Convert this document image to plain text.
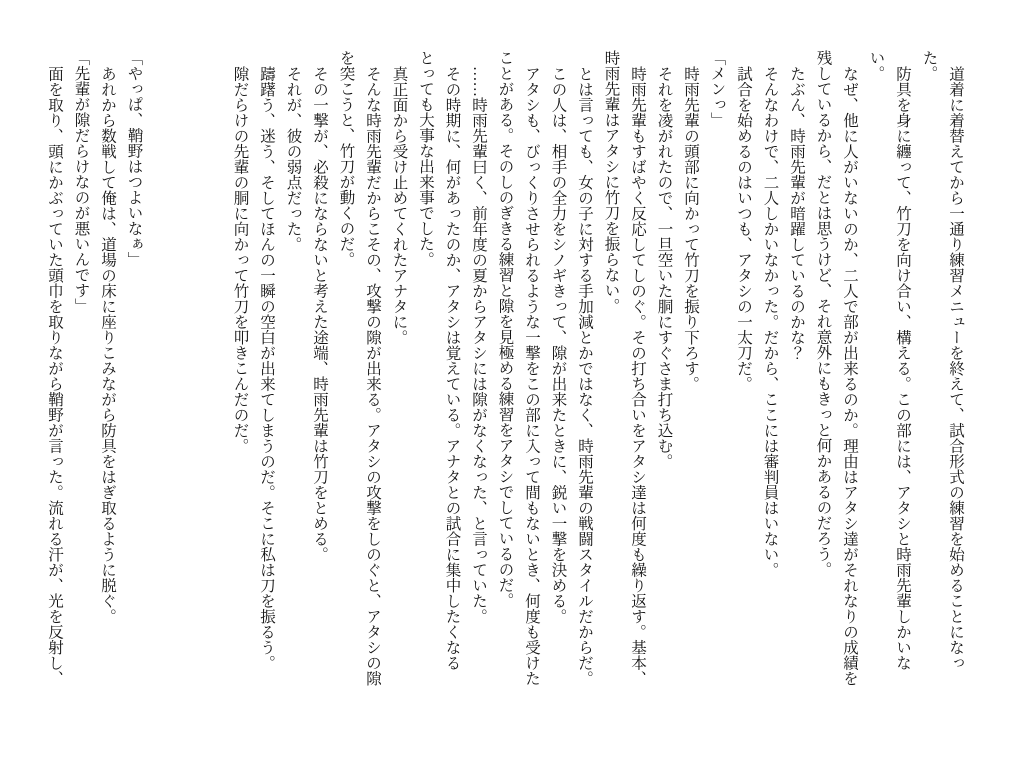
道着に着替えてから一通り練習メニューを終えて、試合形式の練習を始めることになった。

防具を身に纏って、竹刀を向け合い、構える。この部には、アタシと時雨先輩しかいない。

なぜ、他に人がいないのか、二人で部が出来るのか。理由はアタシ達がそれなりの成績を残しているから、だとは思うけど、それ意外にもきっと何かあるのだろう。

たぶん、時雨先輩が暗躍しているのかな？

そんなわけで、二人しかいなかった。だから、ここには審判員はいない。

試合を始めるのはいつも、アタシの一太刀だ。

「メンっ」

時雨先輩の頭部に向かって竹刀を振り下ろす。

それを凌がれたので、一旦空いた胴にすぐさま打ち込む。

時雨先輩もすばやく反応してしのぐ。その打ち合いをアタシ達は何度も繰り返す。基本、時雨先輩はアタシに竹刀を振らない。

とは言っても、女の子に対する手加減とかではなく、時雨先輩の戦闘スタイルだからだ。

この人は、相手の全力をシノギきって、隙が出来たときに、鋭い一撃を決める。

アタシも、びっくりさせられるような一撃をこの部に入って間もないとき、何度も受けたことがある。そのしのぎきる練習と隙を見極める練習をアタシでしているのだ。

……時雨先輩曰く、前年度の夏からアタシには隙がなくなった、と言っていた。

その時期に、何があったのか、アタシは覚えている。アナタとの試合に集中したくなるとっても大事な出来事でした。

真正面から受け止めてくれたアナタに。

そんな時雨先輩だからこその、攻撃の隙が出来る。アタシの攻撃をしのぐと、アタシの隙を突こうと、竹刀が動くのだ。

その一撃が、必殺にならないと考えた途端、時雨先輩は竹刀をとめる。

それが、彼の弱点だった。

躊躇う、迷う、そしてほんの一瞬の空白が出来てしまうのだ。そこに私は刀を振るう。

隙だらけの先輩の胴に向かって竹刀を叩きこんだのだ。

「やっぱ、鞘野はつよいなぁ」

あれから数戦して俺は、道場の床に座りこみながら防具をはぎ取るように脱ぐ。

「先輩が隙だらけなのが悪いんです」

面を取り、頭にかぶっていた頭巾を取りながら鞘野が言った。流れる汗が、光を反射し、
